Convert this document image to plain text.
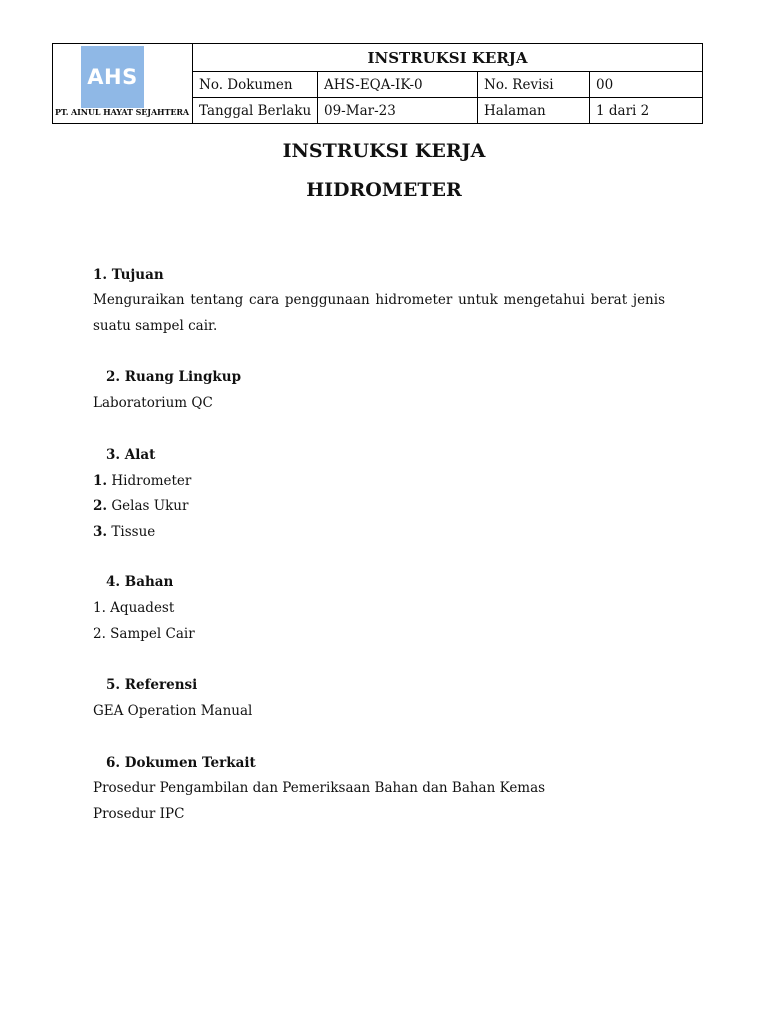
AHS
PT. AINUL HAYAT SEJAHTERA	INSTRUKSI KERJA			
	No. Dokumen	AHS-EQA-IK-0	No. Revisi	00
	Tanggal Berlaku	09-Mar-23	Halaman	1 dari 2
INSTRUKSI KERJA
HIDROMETER
1. Tujuan
Menguraikan tentang cara penggunaan hidrometer untuk mengetahui berat jenis suatu sampel cair.
2. Ruang Lingkup
Laboratorium QC
3. Alat
1. Hidrometer
2. Gelas Ukur
3. Tissue
4. Bahan
1. Aquadest
2. Sampel Cair
5. Referensi
GEA Operation Manual
6. Dokumen Terkait
Prosedur Pengambilan dan Pemeriksaan Bahan dan Bahan Kemas
Prosedur IPC
